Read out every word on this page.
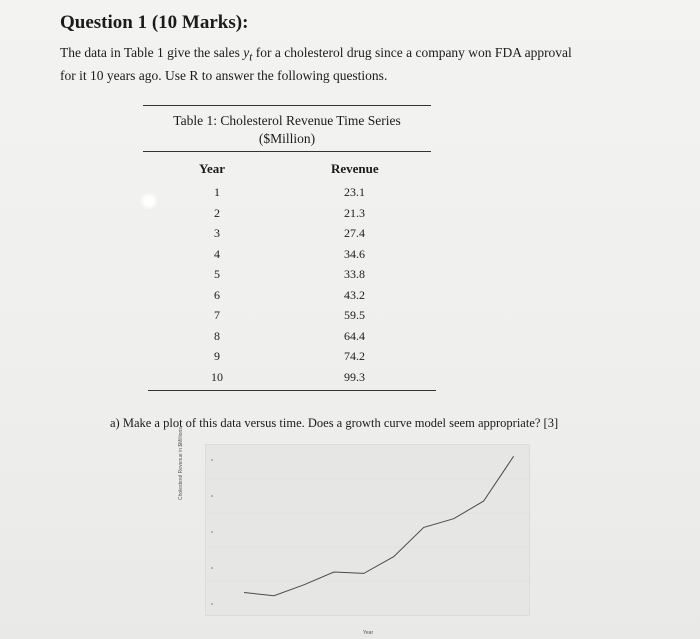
Question 1 (10 Marks):
The data in Table 1 give the sales $y_t$ for a cholesterol drug since a company won FDA approval
for it 10 years ago. Use R to answer the following questions.
Table 1: Cholesterol Revenue Time Series
($Million)
Year	Revenue
1	23.1
2	21.3
3	27.4
4	34.6
5	33.8
6	43.2
7	59.5
8	64.4
9	74.2
10	99.3
a) Make a plot of this data versus time. Does a growth curve model seem appropriate? [3]
Cholesterol Revenue in $Millions
Year
